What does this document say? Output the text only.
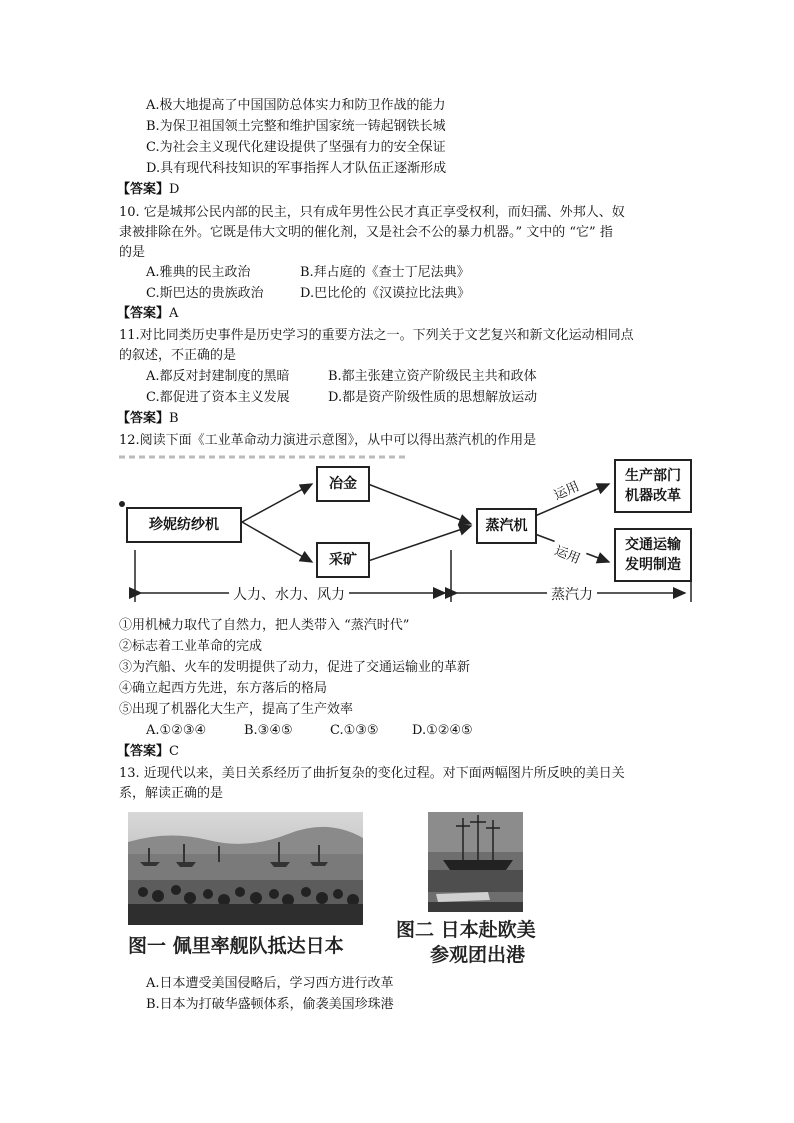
A.极大地提高了中国国防总体实力和防卫作战的能力
B.为保卫祖国领土完整和维护国家统一铸起钢铁长城
C.为社会主义现代化建设提供了坚强有力的安全保证
D.具有现代科技知识的军事指挥人才队伍正逐渐形成
【答案】D
10. 它是城邦公民内部的民主，只有成年男性公民才真正享受权利，而妇孺、外邦人、奴
隶被排除在外。它既是伟大文明的催化剂，又是社会不公的暴力机器。” 文中的 “它” 指
的是
A.雅典的民主政治	B.拜占庭的《查士丁尼法典》
C.斯巴达的贵族政治	D.巴比伦的《汉谟拉比法典》
【答案】A
11.对比同类历史事件是历史学习的重要方法之一。下列关于文艺复兴和新文化运动相同点
的叙述，不正确的是
A.都反对封建制度的黑暗	B.都主张建立资产阶级民主共和政体
C.都促进了资本主义发展	D.都是资产阶级性质的思想解放运动
【答案】B
12.阅读下面《工业革命动力演进示意图》，从中可以得出蒸汽机的作用是
珍妮纺纱机
冶金
采矿
蒸汽机
生产部门
机器改革
交通运输
发明制造
运用
运用
人力、水力、风力	蒸汽力
①用机械力取代了自然力，把人类带入 “蒸汽时代”
②标志着工业革命的完成
③为汽船、火车的发明提供了动力，促进了交通运输业的革新
④确立起西方先进，东方落后的格局
⑤出现了机器化大生产，提高了生产效率
A.①②③④	B.③④⑤	C.①③⑤	D.①②④⑤
【答案】C
13. 近现代以来，美日关系经历了曲折复杂的变化过程。对下面两幅图片所反映的美日关
系，解读正确的是
图一 佩里率舰队抵达日本
图二 日本赴欧美
参观团出港
A.日本遭受美国侵略后，学习西方进行改革
B.日本为打破华盛顿体系，偷袭美国珍珠港
